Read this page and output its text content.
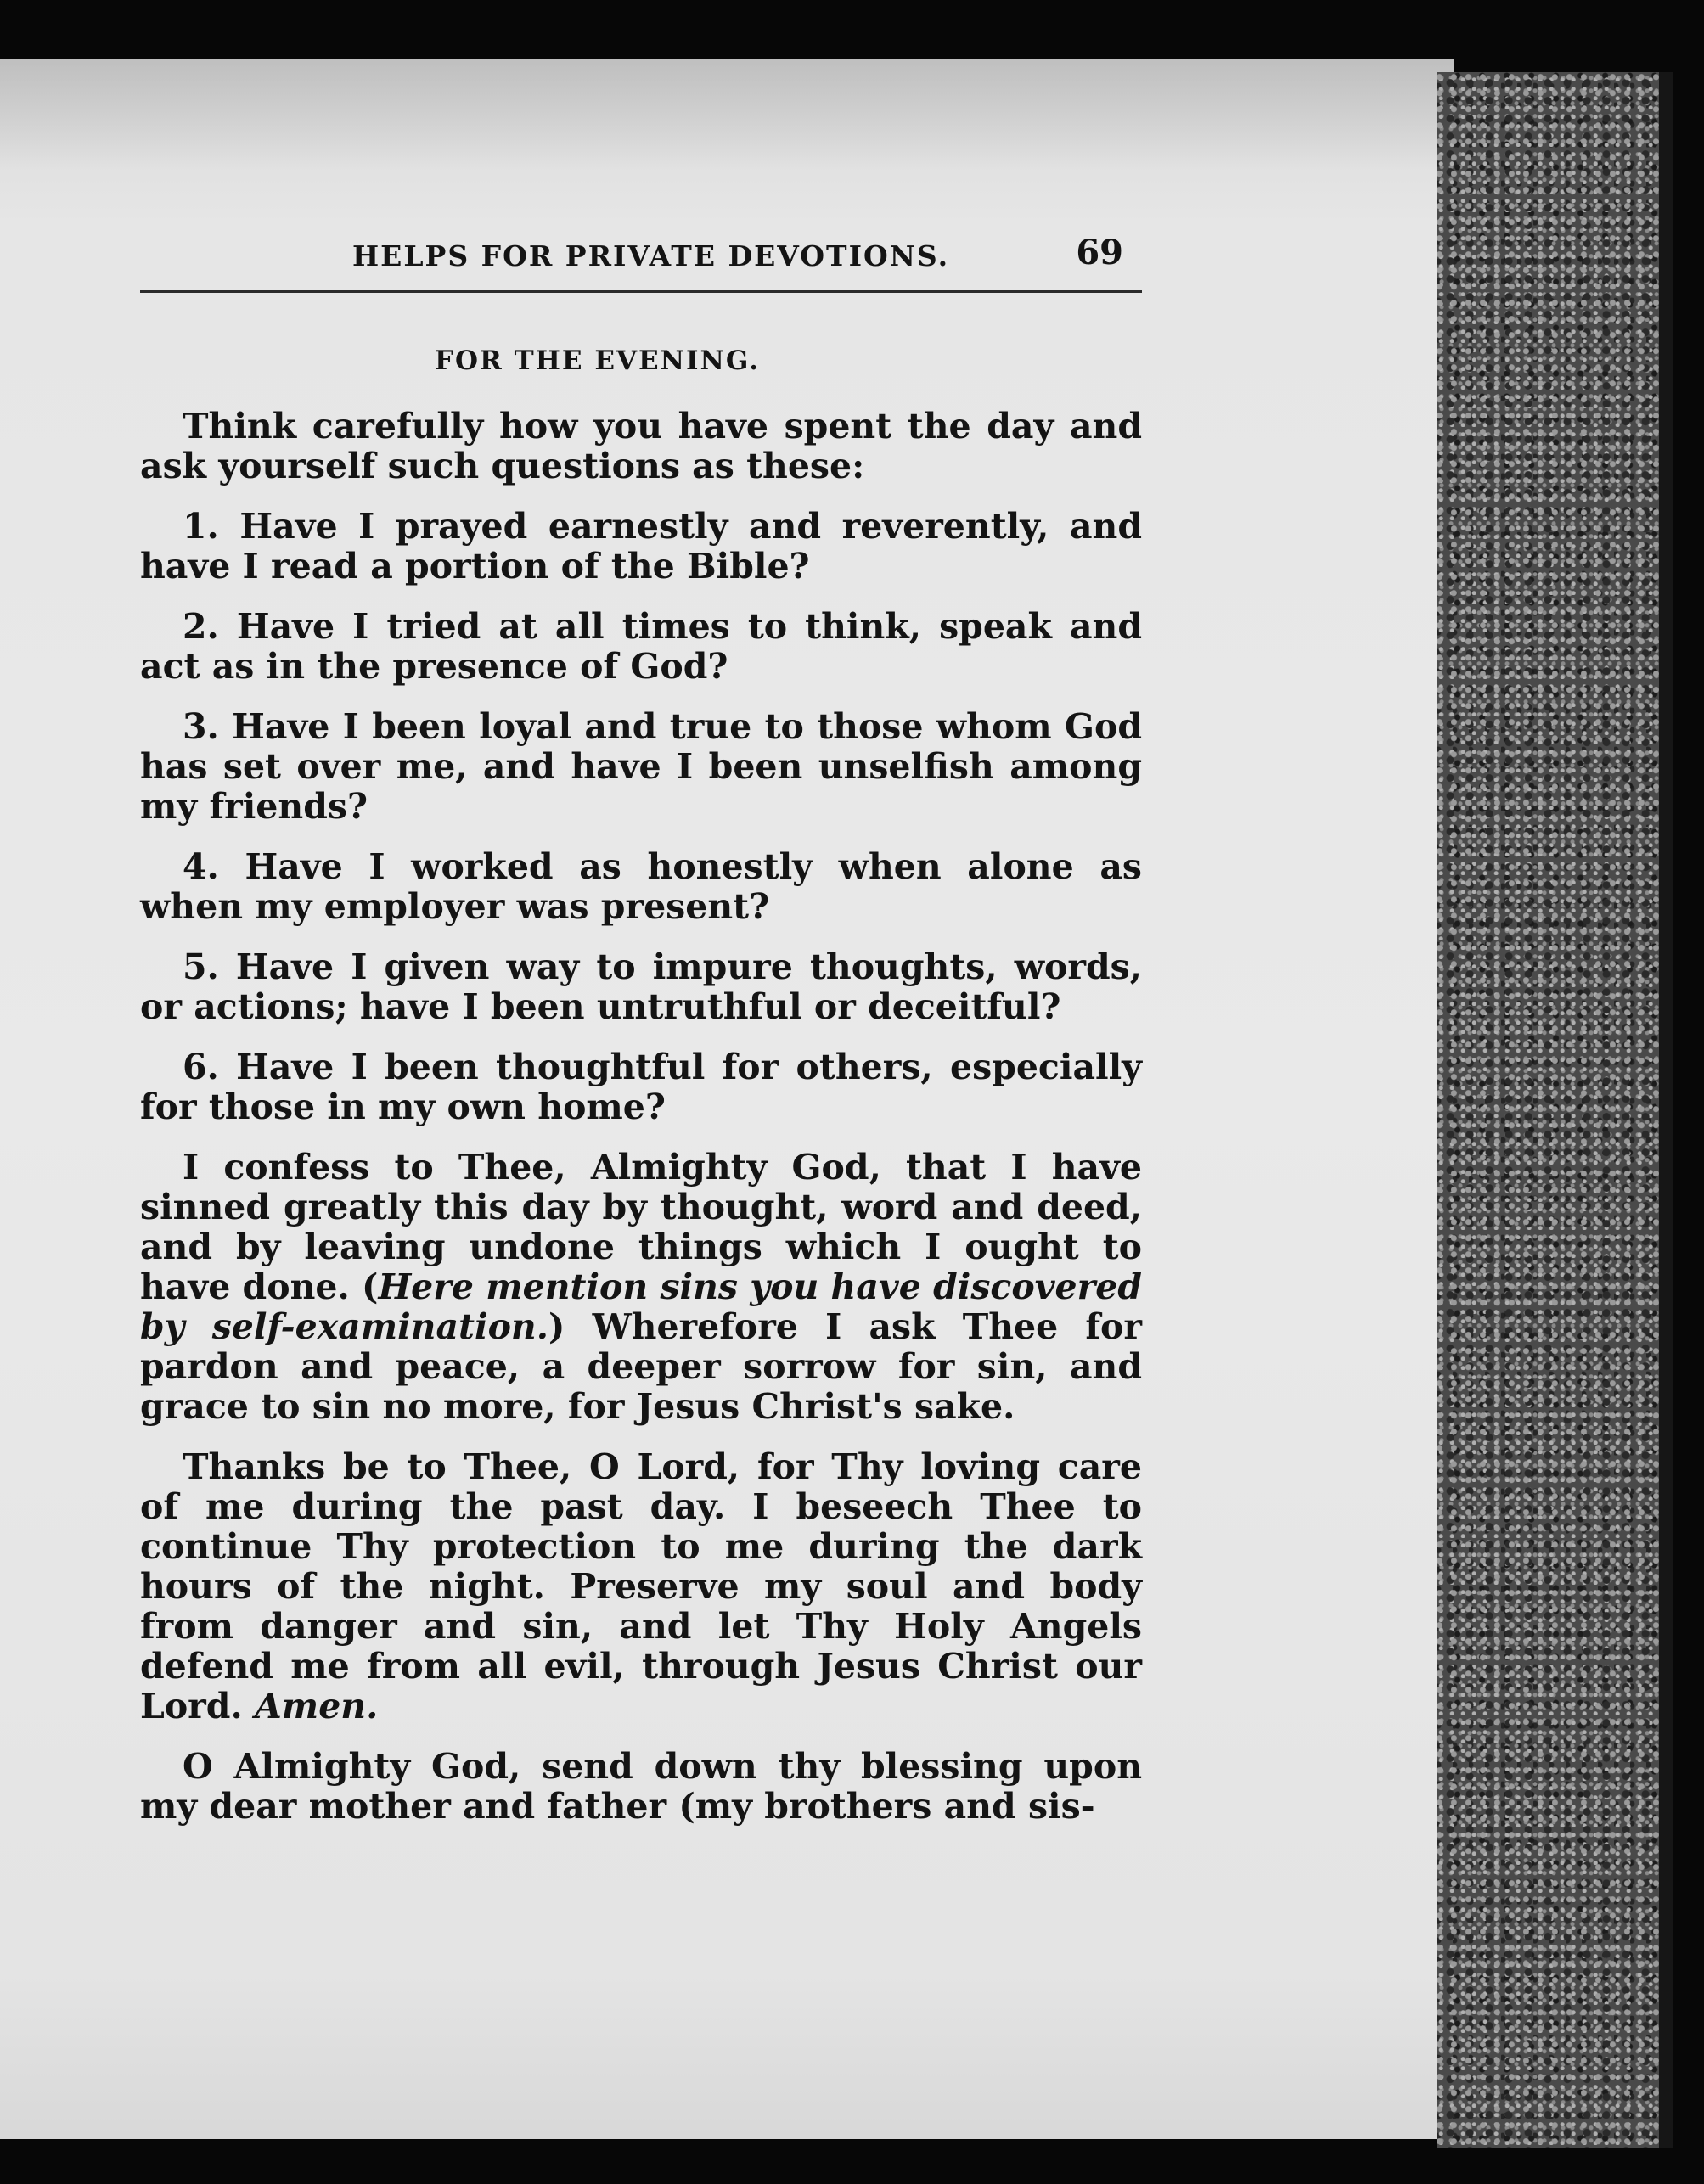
HELPS FOR PRIVATE DEVOTIONS.	69
FOR THE EVENING.

Think carefully how you have spent the day and ask yourself such questions as these:

1. Have I prayed earnestly and reverently, and have I read a portion of the Bible?

2. Have I tried at all times to think, speak and act as in the presence of God?

3. Have I been loyal and true to those whom God has set over me, and have I been unselfish among my friends?

4. Have I worked as honestly when alone as when my employer was present?

5. Have I given way to impure thoughts, words, or actions; have I been untruthful or deceitful?

6. Have I been thoughtful for others, especially for those in my own home?

I confess to Thee, Almighty God, that I have sinned greatly this day by thought, word and deed, and by leaving undone things which I ought to have done. (Here mention sins you have discovered by self-examination.) Wherefore I ask Thee for pardon and peace, a deeper sorrow for sin, and grace to sin no more, for Jesus Christ's sake.

Thanks be to Thee, O Lord, for Thy loving care of me during the past day. I beseech Thee to continue Thy protection to me during the dark hours of the night. Preserve my soul and body from danger and sin, and let Thy Holy Angels defend me from all evil, through Jesus Christ our Lord. Amen.

O Almighty God, send down thy blessing upon my dear mother and father (my brothers and sis-
